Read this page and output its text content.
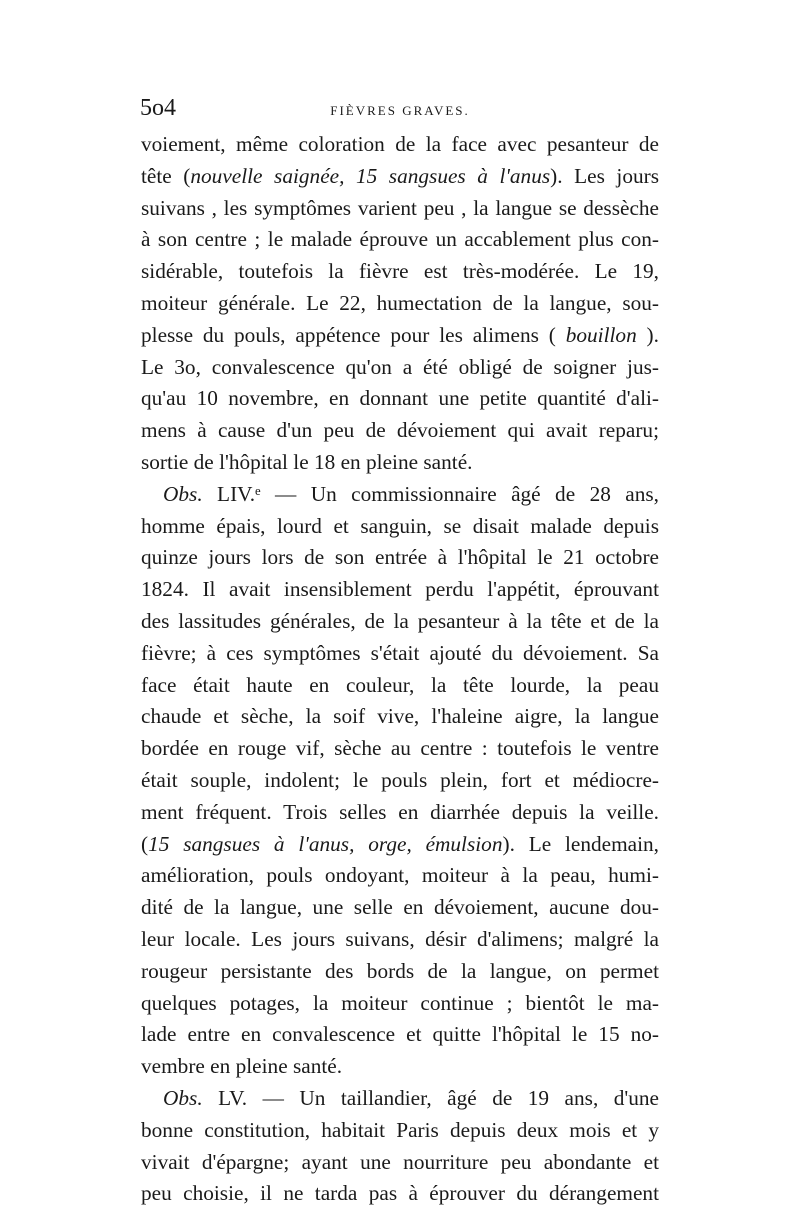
5o4	FIÈVRES GRAVES.
voiement, même coloration de la face avec pesanteur de
tête (nouvelle saignée, 15 sangsues à l'anus). Les jours
suivans , les symptômes varient peu , la langue se dessèche
à son centre ; le malade éprouve un accablement plus con-
sidérable, toutefois la fièvre est très-modérée. Le 19,
moiteur générale. Le 22, humectation de la langue, sou-
plesse du pouls, appétence pour les alimens ( bouillon ).
Le 3o, convalescence qu'on a été obligé de soigner jus-
qu'au 10 novembre, en donnant une petite quantité d'ali-
mens à cause d'un peu de dévoiement qui avait reparu;
sortie de l'hôpital le 18 en pleine santé.
Obs. LIV.ᵉ — Un commissionnaire âgé de 28 ans,
homme épais, lourd et sanguin, se disait malade depuis
quinze jours lors de son entrée à l'hôpital le 21 octobre
1824. Il avait insensiblement perdu l'appétit, éprouvant
des lassitudes générales, de la pesanteur à la tête et de la
fièvre; à ces symptômes s'était ajouté du dévoiement. Sa
face était haute en couleur, la tête lourde, la peau
chaude et sèche, la soif vive, l'haleine aigre, la langue
bordée en rouge vif, sèche au centre : toutefois le ventre
était souple, indolent; le pouls plein, fort et médiocre-
ment fréquent. Trois selles en diarrhée depuis la veille.
(15 sangsues à l'anus, orge, émulsion). Le lendemain,
amélioration, pouls ondoyant, moiteur à la peau, humi-
dité de la langue, une selle en dévoiement, aucune dou-
leur locale. Les jours suivans, désir d'alimens; malgré la
rougeur persistante des bords de la langue, on permet
quelques potages, la moiteur continue ; bientôt le ma-
lade entre en convalescence et quitte l'hôpital le 15 no-
vembre en pleine santé.
Obs. LV. — Un taillandier, âgé de 19 ans, d'une
bonne constitution, habitait Paris depuis deux mois et y
vivait d'épargne; ayant une nourriture peu abondante et
peu choisie, il ne tarda pas à éprouver du dérangement
